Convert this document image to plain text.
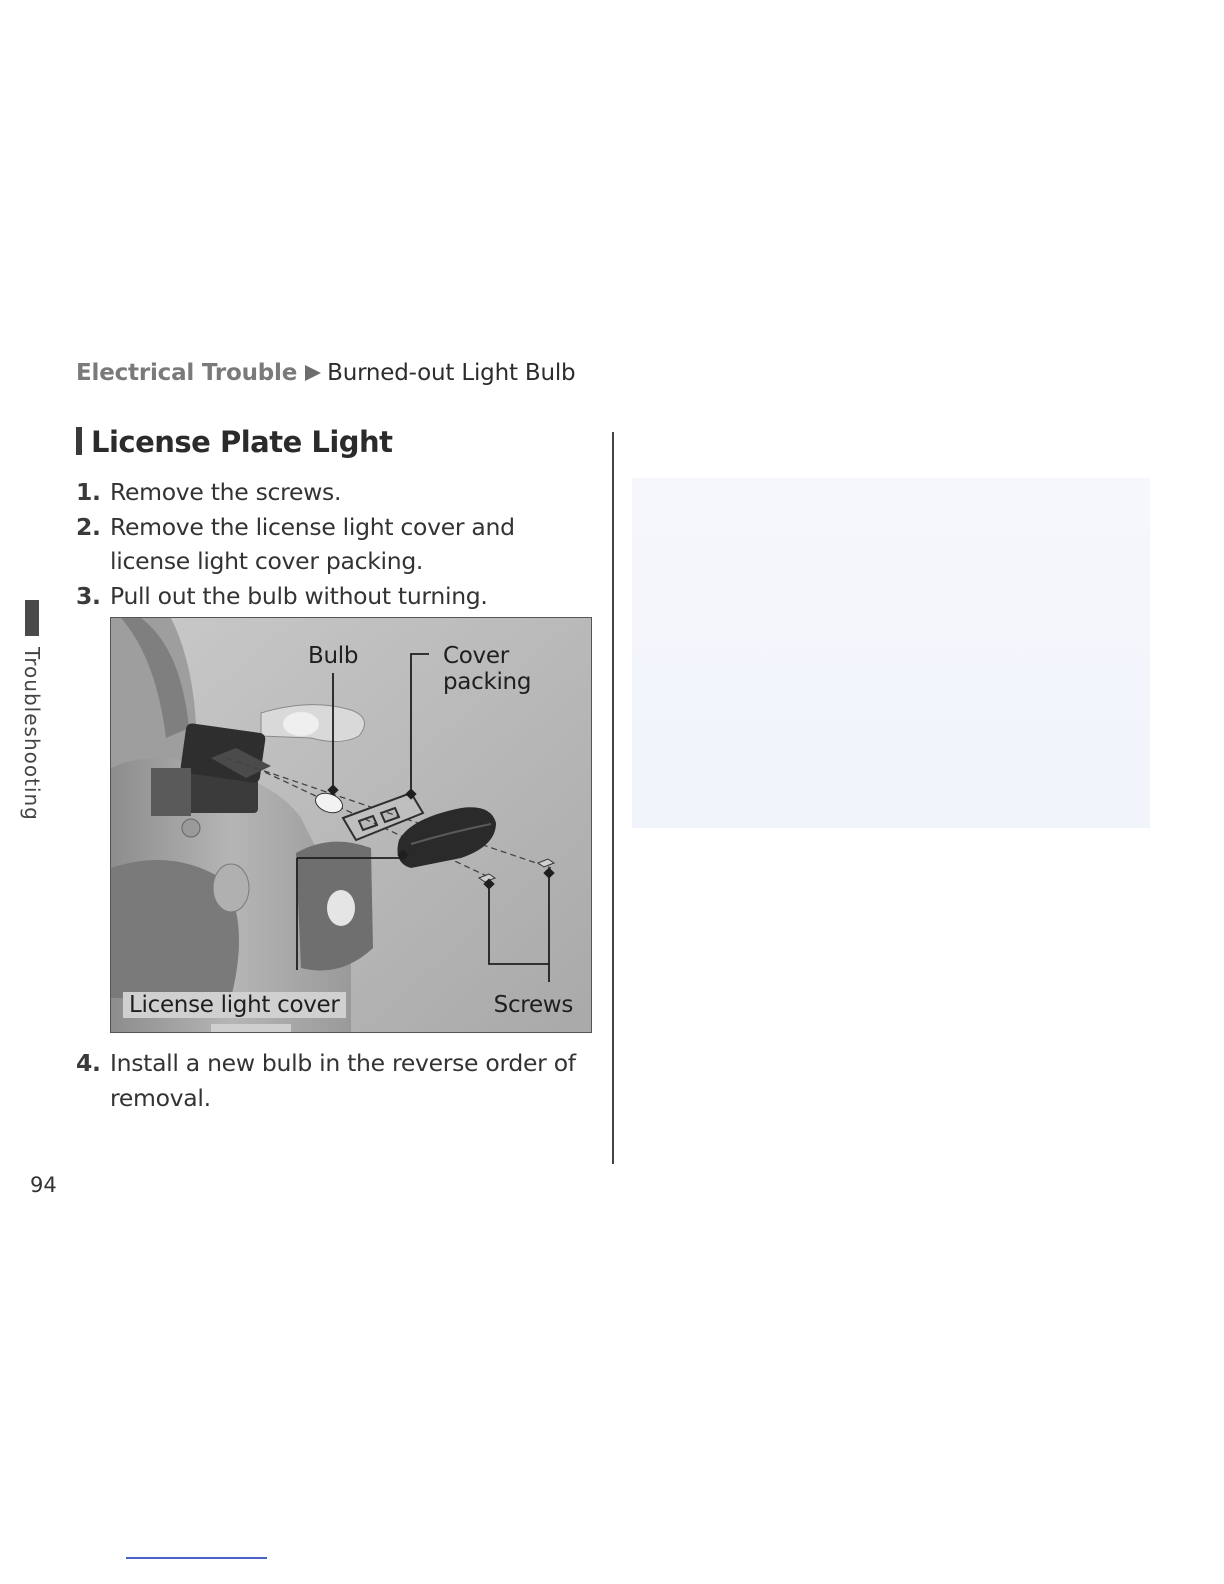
Electrical Trouble Burned-out Light Bulb
License Plate Light
1. Remove the screws.
2. Remove the license light cover and license light cover packing.
3. Pull out the bulb without turning.
Bulb	Cover
packing
License light cover	Screws
4. Install a new bulb in the reverse order of removal.
Troubleshooting
94
